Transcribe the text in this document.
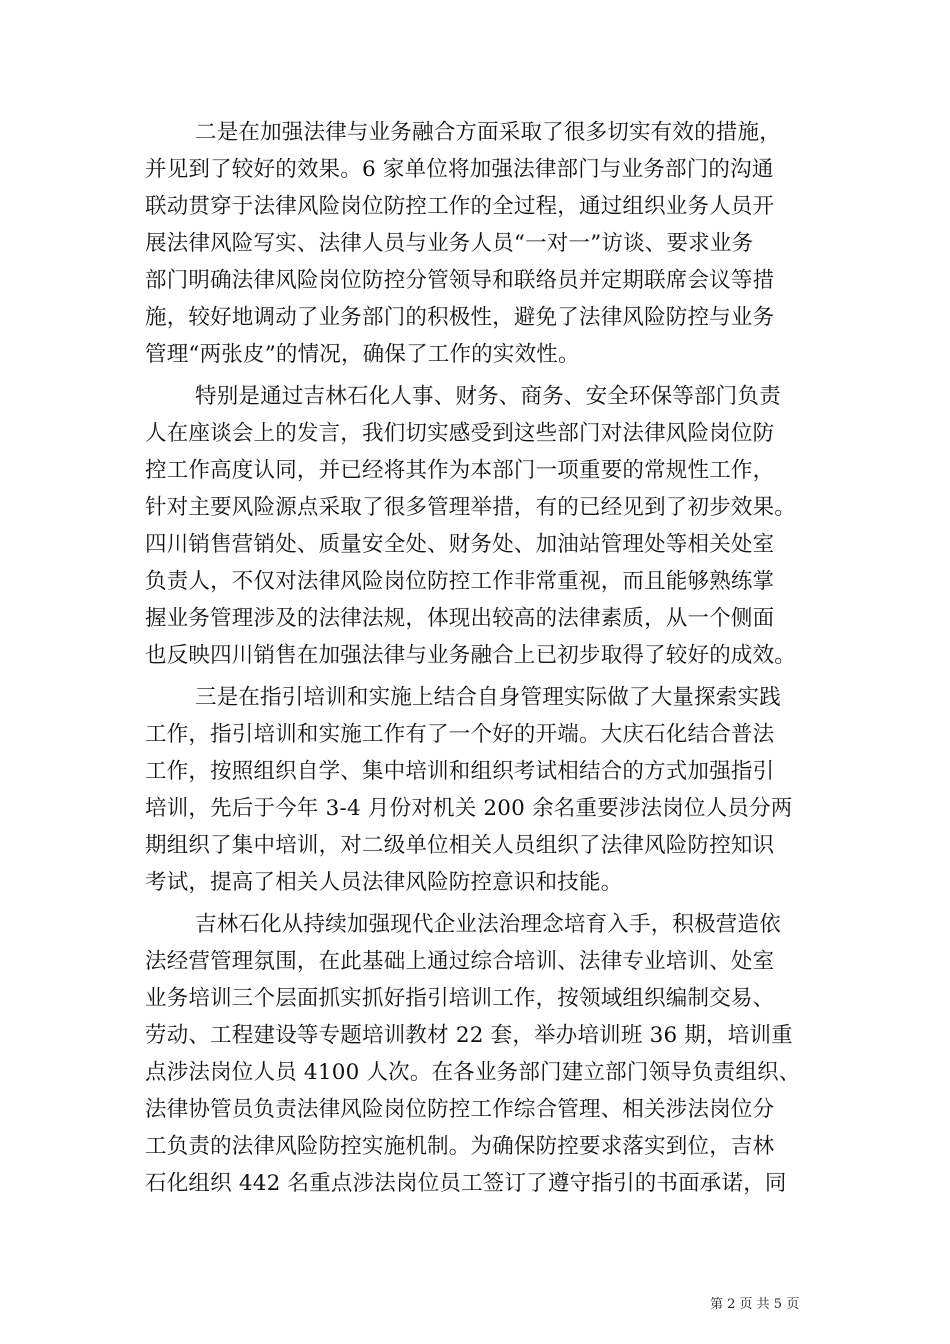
二是在加强法律与业务融合方面采取了很多切实有效的措施，
并见到了较好的效果。6 家单位将加强法律部门与业务部门的沟通
联动贯穿于法律风险岗位防控工作的全过程，通过组织业务人员开
展法律风险写实、法律人员与业务人员“一对一”访谈、要求业务
部门明确法律风险岗位防控分管领导和联络员并定期联席会议等措
施，较好地调动了业务部门的积极性，避免了法律风险防控与业务
管理“两张皮”的情况，确保了工作的实效性。
特别是通过吉林石化人事、财务、商务、安全环保等部门负责
人在座谈会上的发言，我们切实感受到这些部门对法律风险岗位防
控工作高度认同，并已经将其作为本部门一项重要的常规性工作，
针对主要风险源点采取了很多管理举措，有的已经见到了初步效果。
四川销售营销处、质量安全处、财务处、加油站管理处等相关处室
负责人，不仅对法律风险岗位防控工作非常重视，而且能够熟练掌
握业务管理涉及的法律法规，体现出较高的法律素质，从一个侧面
也反映四川销售在加强法律与业务融合上已初步取得了较好的成效。
三是在指引培训和实施上结合自身管理实际做了大量探索实践
工作，指引培训和实施工作有了一个好的开端。大庆石化结合普法
工作，按照组织自学、集中培训和组织考试相结合的方式加强指引
培训，先后于今年 3-4 月份对机关 200 余名重要涉法岗位人员分两
期组织了集中培训，对二级单位相关人员组织了法律风险防控知识
考试，提高了相关人员法律风险防控意识和技能。
吉林石化从持续加强现代企业法治理念培育入手，积极营造依
法经营管理氛围，在此基础上通过综合培训、法律专业培训、处室
业务培训三个层面抓实抓好指引培训工作，按领域组织编制交易、
劳动、工程建设等专题培训教材 22 套，举办培训班 36 期，培训重
点涉法岗位人员 4100 人次。在各业务部门建立部门领导负责组织、
法律协管员负责法律风险岗位防控工作综合管理、相关涉法岗位分
工负责的法律风险防控实施机制。为确保防控要求落实到位，吉林
石化组织 442 名重点涉法岗位员工签订了遵守指引的书面承诺，同
第 2 页 共 5 页
